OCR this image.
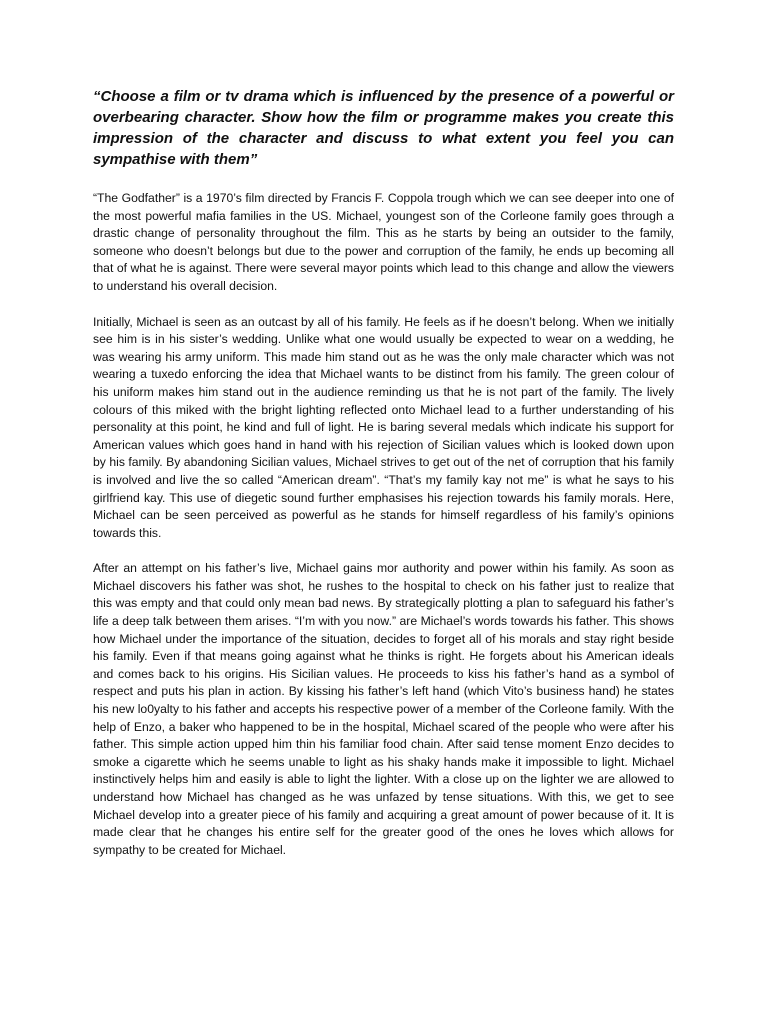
“Choose a film or tv drama which is influenced by the presence of a powerful or overbearing character. Show how the film or programme makes you create this impression of the character and discuss to what extent you feel you can sympathise with them”

“The Godfather” is a 1970’s film directed by Francis F. Coppola trough which we can see deeper into one of the most powerful mafia families in the US. Michael, youngest son of the Corleone family goes through a drastic change of personality throughout the film. This as he starts by being an outsider to the family, someone who doesn’t belongs but due to the power and corruption of the family, he ends up becoming all that of what he is against. There were several mayor points which lead to this change and allow the viewers to understand his overall decision.

Initially, Michael is seen as an outcast by all of his family. He feels as if he doesn’t belong. When we initially see him is in his sister’s wedding. Unlike what one would usually be expected to wear on a wedding, he was wearing his army uniform. This made him stand out as he was the only male character which was not wearing a tuxedo enforcing the idea that Michael wants to be distinct from his family. The green colour of his uniform makes him stand out in the audience reminding us that he is not part of the family. The lively colours of this miked with the bright lighting reflected onto Michael lead to a further understanding of his personality at this point, he kind and full of light. He is baring several medals which indicate his support for American values which goes hand in hand with his rejection of Sicilian values which is looked down upon by his family. By abandoning Sicilian values, Michael strives to get out of the net of corruption that his family is involved and live the so called “American dream”. “That’s my family kay not me” is what he says to his girlfriend kay. This use of diegetic sound further emphasises his rejection towards his family morals. Here, Michael can be seen perceived as powerful as he stands for himself regardless of his family’s opinions towards this.

After an attempt on his father’s live, Michael gains mor authority and power within his family. As soon as Michael discovers his father was shot, he rushes to the hospital to check on his father just to realize that this was empty and that could only mean bad news. By strategically plotting a plan to safeguard his father’s life a deep talk between them arises. “I’m with you now.” are Michael’s words towards his father. This shows how Michael under the importance of the situation, decides to forget all of his morals and stay right beside his family. Even if that means going against what he thinks is right. He forgets about his American ideals and comes back to his origins. His Sicilian values. He proceeds to kiss his father’s hand as a symbol of respect and puts his plan in action. By kissing his father’s left hand (which Vito’s business hand) he states his new lo0yalty to his father and accepts his respective power of a member of the Corleone family. With the help of Enzo, a baker who happened to be in the hospital, Michael scared of the people who were after his father. This simple action upped him thin his familiar food chain. After said tense moment Enzo decides to smoke a cigarette which he seems unable to light as his shaky hands make it impossible to light. Michael instinctively helps him and easily is able to light the lighter. With a close up on the lighter we are allowed to understand how Michael has changed as he was unfazed by tense situations. With this, we get to see Michael develop into a greater piece of his family and acquiring a great amount of power because of it. It is made clear that he changes his entire self for the greater good of the ones he loves which allows for sympathy to be created for Michael.
